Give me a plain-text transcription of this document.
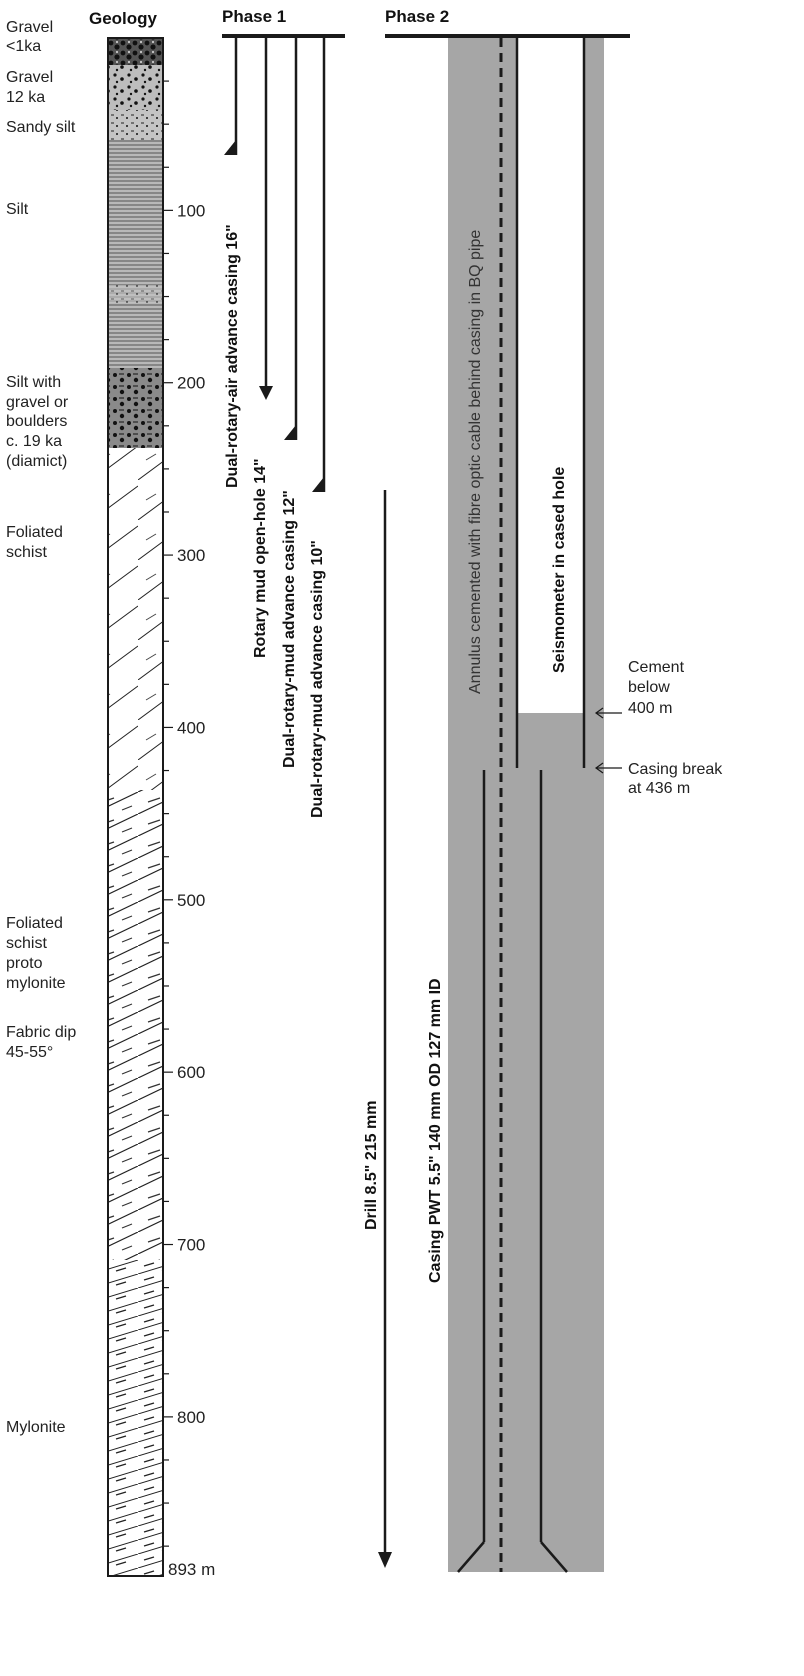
Geology	Phase 1	Phase 2
100
200
300
400
500
600
700
800
893 m
Gravel <1ka
Gravel 12 ka
Sandy silt
Silt
Silt with gravel or boulders c. 19 ka (diamict)
Foliated schist
Foliated schist proto mylonite
Fabric dip 45-55°
Mylonite
Dual-rotary-air advance casing 16"
Rotary mud open-hole 14" Dual-rotary-mud advance casing 12" Dual-rotary-mud advance casing 10"
Drill 8.5" 215 mm
Annulus cemented with fibre optic cable behind casing in BQ pipe	Seismometer in cased hole
Casing PWT 5.5" 140 mm OD 127 mm ID
Cement below 400 m
Casing break at 436 m
